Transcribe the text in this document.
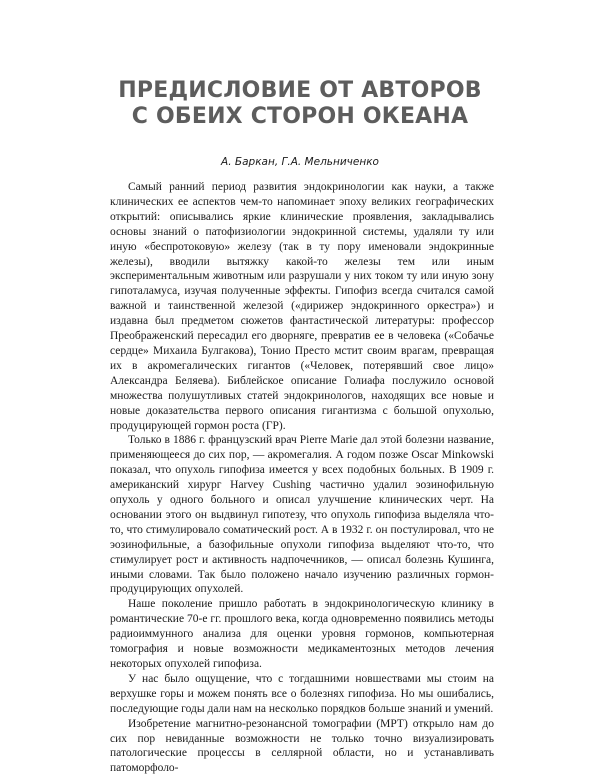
ПРЕДИСЛОВИЕ ОТ АВТОРОВ
С ОБЕИХ СТОРОН ОКЕАНА
А. Баркан, Г.А. Мельниченко

Самый ранний период развития эндокринологии как науки, а также клинических ее аспектов чем-то напоминает эпоху великих географических открытий: описывались яркие клинические проявления, закладывались основы знаний о патофизиологии эндокринной системы, удаляли ту или иную «беспротоковую» железу (так в ту пору именовали эндокринные железы), вводили вытяжку какой-то железы тем или иным экспериментальным животным или разрушали у них током ту или иную зону гипоталамуса, изучая полученные эффекты. Гипофиз всегда считался самой важной и таинственной железой («дирижер эндокринного оркестра») и издавна был предметом сюжетов фантастической литературы: профессор Преображенский пересадил его дворняге, превратив ее в человека («Собачье сердце» Михаила Булгакова), Тонио Престо мстит своим врагам, превращая их в акромегалических гигантов («Человек, потерявший свое лицо» Александра Беляева). Библейское описание Голиафа послужило основой множества полушутливых статей эндокринологов, находящих все новые и новые доказательства первого описания гигантизма с большой опухолью, продуцирующей гормон роста (ГР).

Только в 1886 г. французский врач Pierre Marie дал этой болезни название, применяющееся до сих пор, — акромегалия. А годом позже Oscar Minkowski показал, что опухоль гипофиза имеется у всех подобных больных. В 1909 г. американский хирург Harvey Cushing частично удалил эозинофильную опухоль у одного больного и описал улучшение клинических черт. На основании этого он выдвинул гипотезу, что опухоль гипофиза выделяла что-то, что стимулировало соматический рост. А в 1932 г. он постулировал, что не эозинофильные, а базофильные опухоли гипофиза выделяют что-то, что стимулирует рост и активность надпочечников, — описал болезнь Кушинга, иными словами. Так было положено начало изучению различных гормон-продуцирующих опухолей.

Наше поколение пришло работать в эндокринологическую клинику в романтические 70-е гг. прошлого века, когда одновременно появились методы радиоиммунного анализа для оценки уровня гормонов, компьютерная томография и новые возможности медикаментозных методов лечения некоторых опухолей гипофиза.

У нас было ощущение, что с тогдашними новшествами мы стоим на верхушке горы и можем понять все о болезнях гипофиза. Но мы ошибались, последующие годы дали нам на несколько порядков больше знаний и умений.

Изобретение магнитно-резонансной томографии (МРТ) открыло нам до сих пор невиданные возможности не только точно визуализировать патологические процессы в селлярной области, но и устанавливать патоморфоло-
